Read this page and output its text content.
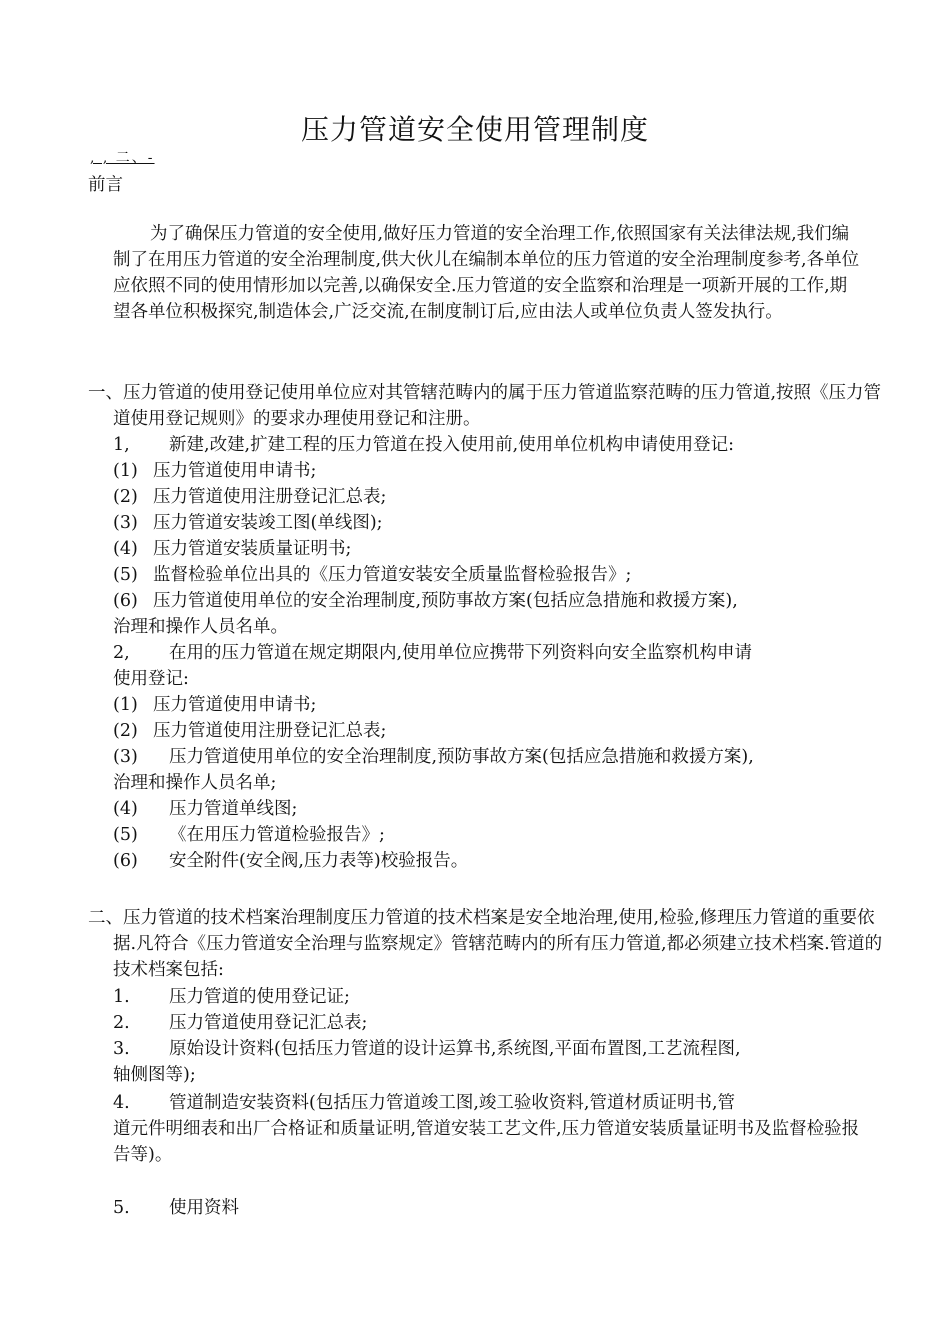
压力管道安全使用管理制度
, , 二、-
前言
为了确保压力管道的安全使用,做好压力管道的安全治理工作,依照国家有关法律法规,我们编制了在用压力管道的安全治理制度,供大伙儿在编制本单位的压力管道的安全治理制度参考,各单位应依照不同的使用情形加以完善,以确保安全.压力管道的安全监察和治理是一项新开展的工作,期望各单位积极探究,制造体会,广泛交流,在制度制订后,应由法人或单位负责人签发执行。
一、压力管道的使用登记使用单位应对其管辖范畴内的属于压力管道监察范畴的压力管道,按照《压力管道使用登记规则》的要求办理使用登记和注册。
1, 新建,改建,扩建工程的压力管道在投入使用前,使用单位机构申请使用登记:
(1) 压力管道使用申请书;
(2) 压力管道使用注册登记汇总表;
(3) 压力管道安装竣工图(单线图);
(4) 压力管道安装质量证明书;
(5) 监督检验单位出具的《压力管道安装安全质量监督检验报告》;
(6) 压力管道使用单位的安全治理制度,预防事故方案(包括应急措施和救援方案),
治理和操作人员名单。
2, 在用的压力管道在规定期限内,使用单位应携带下列资料向安全监察机构申请
使用登记:
(1) 压力管道使用申请书;
(2) 压力管道使用注册登记汇总表;
(3) 压力管道使用单位的安全治理制度,预防事故方案(包括应急措施和救援方案),
治理和操作人员名单;
(4) 压力管道单线图;
(5) 《在用压力管道检验报告》;
(6) 安全附件(安全阀,压力表等)校验报告。
二、压力管道的技术档案治理制度压力管道的技术档案是安全地治理,使用,检验,修理压力管道的重要依据.凡符合《压力管道安全治理与监察规定》管辖范畴内的所有压力管道,都必须建立技术档案.管道的技术档案包括:
1. 压力管道的使用登记证;
2. 压力管道使用登记汇总表;
3. 原始设计资料(包括压力管道的设计运算书,系统图,平面布置图,工艺流程图,
轴侧图等);
4. 管道制造安装资料(包括压力管道竣工图,竣工验收资料,管道材质证明书,管
道元件明细表和出厂合格证和质量证明,管道安装工艺文件,压力管道安装质量证明书及监督检验报告等)。
5. 使用资料
